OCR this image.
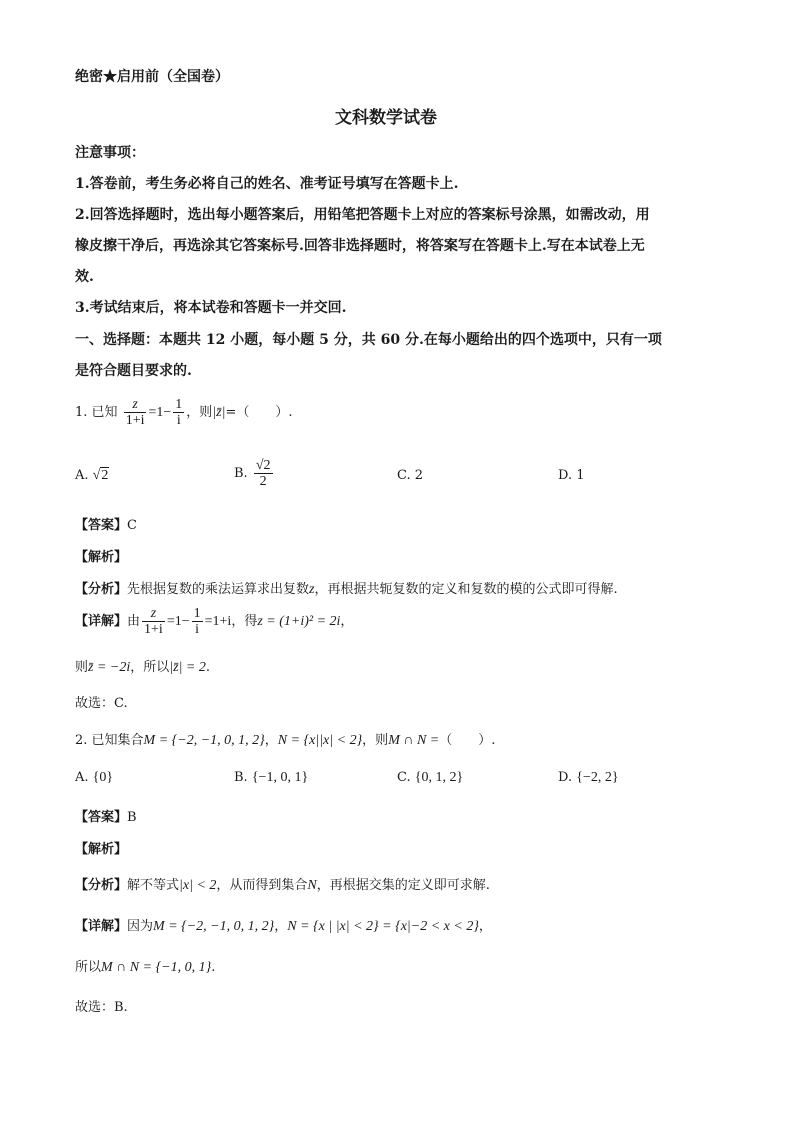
绝密★启用前（全国卷）
文科数学试卷
注意事项：
1.答卷前，考生务必将自己的姓名、准考证号填写在答题卡上.
2.回答选择题时，选出每小题答案后，用铅笔把答题卡上对应的答案标号涂黑，如需改动，用
橡皮擦干净后，再选涂其它答案标号.回答非选择题时，将答案写在答题卡上.写在本试卷上无
效.
3.考试结束后，将本试卷和答题卡一并交回.
一、选择题：本题共 12 小题，每小题 5 分，共 60 分.在每小题给出的四个选项中，只有一项
是符合题目要求的.
1. 已知 $\frac{z}{1+i} =1- \frac{1}{i}$ ，则|z̄|=（　　）.
A. √2	B. $\frac{√2}{2}$	C. 2	D. 1
【答案】C
【解析】
【分析】先根据复数的乘法运算求出复数z，再根据共轭复数的定义和复数的模的公式即可得解.
【详解】由 $\frac{z}{1+i} =1- \frac{1}{i} =1+i$，得z = (1+i)² = 2i，
则z̄ = −2i，所以|z̄| = 2.
故选：C.
2. 已知集合M = {−2, −1, 0, 1, 2}，N = {x||x| < 2}，则M ∩ N =（　　）.
A. {0}	B. {−1, 0, 1}	C. {0, 1, 2}	D. {−2, 2}
【答案】B
【解析】
【分析】解不等式|x| < 2，从而得到集合N，再根据交集的定义即可求解.
【详解】因为M = {−2, −1, 0, 1, 2}，N = {x | |x| < 2} = {x|−2 < x < 2}，
所以M ∩ N = {−1, 0, 1}.
故选：B.
